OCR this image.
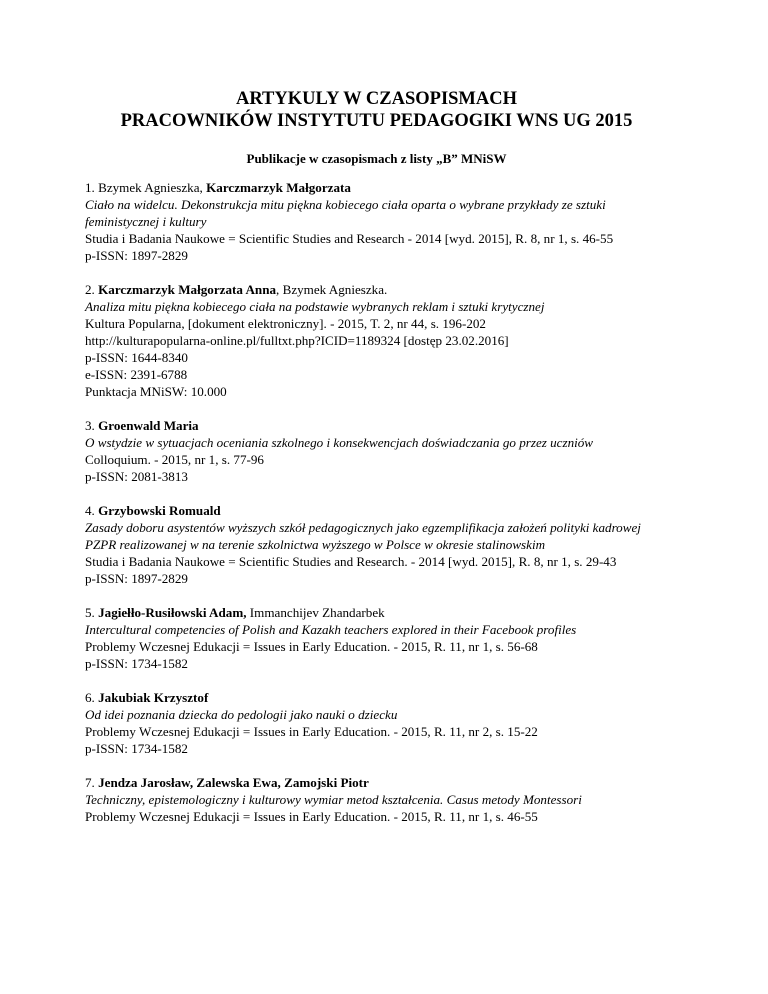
ARTYKULY W CZASOPISMACH
PRACOWNIKÓW INSTYTUTU PEDAGOGIKI WNS UG 2015

Publikacje w czasopismach z listy „B” MNiSW

1. Bzymek Agnieszka, Karczmarzyk Małgorzata
Ciało na widelcu. Dekonstrukcja mitu piękna kobiecego ciała oparta o wybrane przykłady ze sztuki feministycznej i kultury
Studia i Badania Naukowe = Scientific Studies and Research - 2014 [wyd. 2015], R. 8, nr 1, s. 46-55
p-ISSN: 1897-2829
2. Karczmarzyk Małgorzata Anna, Bzymek Agnieszka.
Analiza mitu piękna kobiecego ciała na podstawie wybranych reklam i sztuki krytycznej
Kultura Popularna, [dokument elektroniczny]. - 2015, T. 2, nr 44, s. 196-202
http://kulturapopularna-online.pl/fulltxt.php?ICID=1189324 [dostęp 23.02.2016]
p-ISSN: 1644-8340
e-ISSN: 2391-6788
Punktacja MNiSW: 10.000
3. Groenwald Maria
O wstydzie w sytuacjach oceniania szkolnego i konsekwencjach doświadczania go przez uczniów
Colloquium. - 2015, nr 1, s. 77-96
p-ISSN: 2081-3813
4. Grzybowski Romuald
Zasady doboru asystentów wyższych szkół pedagogicznych jako egzemplifikacja założeń polityki kadrowej PZPR realizowanej w na terenie szkolnictwa wyższego w Polsce w okresie stalinowskim
Studia i Badania Naukowe = Scientific Studies and Research. - 2014 [wyd. 2015], R. 8, nr 1, s. 29-43
p-ISSN: 1897-2829
5. Jagiełło-Rusiłowski Adam, Immanchijev Zhandarbek
Intercultural competencies of Polish and Kazakh teachers explored in their Facebook profiles
Problemy Wczesnej Edukacji = Issues in Early Education. - 2015, R. 11, nr 1, s. 56-68
p-ISSN: 1734-1582
6. Jakubiak Krzysztof
Od idei poznania dziecka do pedologii jako nauki o dziecku
Problemy Wczesnej Edukacji = Issues in Early Education. - 2015, R. 11, nr 2, s. 15-22
p-ISSN: 1734-1582
7. Jendza Jarosław, Zalewska Ewa, Zamojski Piotr
Techniczny, epistemologiczny i kulturowy wymiar metod kształcenia. Casus metody Montessori
Problemy Wczesnej Edukacji = Issues in Early Education. - 2015, R. 11, nr 1, s. 46-55
